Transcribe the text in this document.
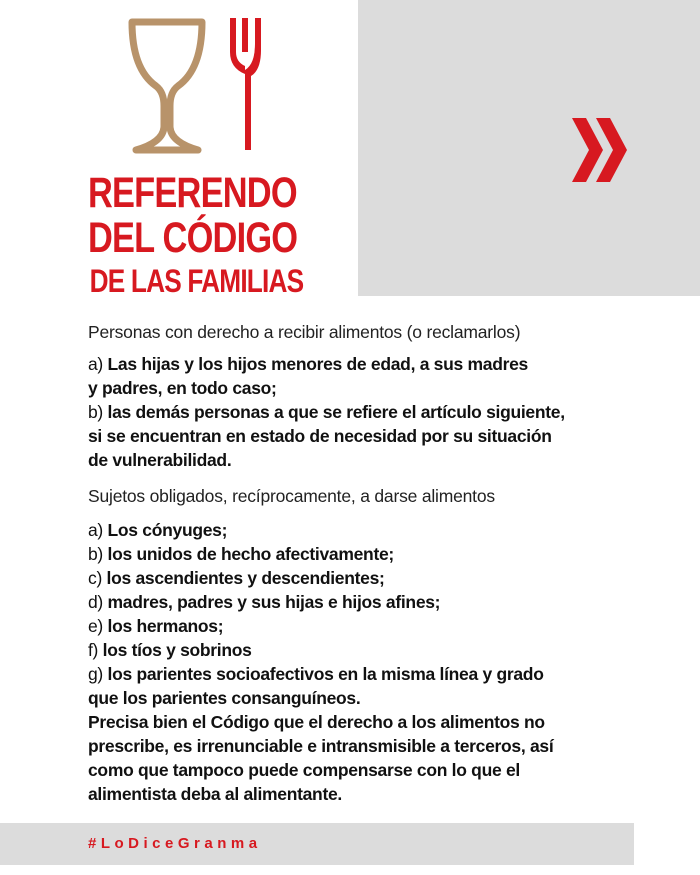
REFERENDO
DEL CÓDIGO
DE LAS FAMILIAS

Personas con derecho a recibir alimentos (o reclamarlos)

a) Las hijas y los hijos menores de edad, a sus madres

y padres, en todo caso;

b) las demás personas a que se refiere el artículo siguiente,

si se encuentran en estado de necesidad por su situación

de vulnerabilidad.

Sujetos obligados, recíprocamente, a darse alimentos

a) Los cónyuges;

b) los unidos de hecho afectivamente;

c) los ascendientes y descendientes;

d) madres, padres y sus hijas e hijos afines;

e) los hermanos;

f) los tíos y sobrinos

g) los parientes socioafectivos en la misma línea y grado

que los parientes consanguíneos.

Precisa bien el Código que el derecho a los alimentos no

prescribe, es irrenunciable e intransmisible a terceros, así

como que tampoco puede compensarse con lo que el

alimentista deba al alimentante.

#LoDiceGranma
